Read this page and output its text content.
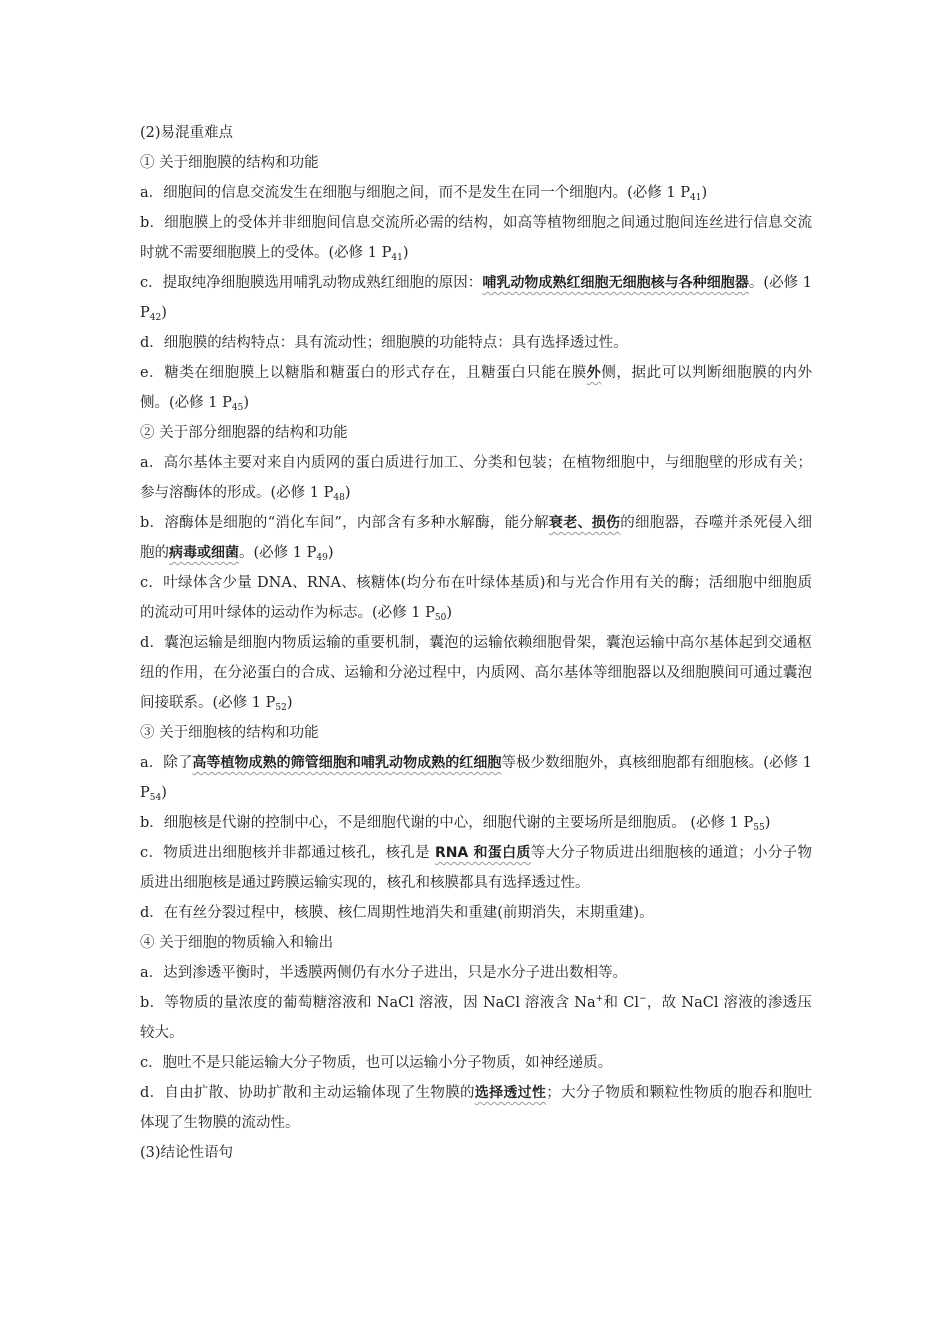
(2)易混重难点

① 关于细胞膜的结构和功能

a．细胞间的信息交流发生在细胞与细胞之间，而不是发生在同一个细胞内。(必修 1 $P_{41}$)

b．细胞膜上的受体并非细胞间信息交流所必需的结构，如高等植物细胞之间通过胞间连丝进行信息交流时就不需要细胞膜上的受体。(必修 1 $P_{41}$)

c．提取纯净细胞膜选用哺乳动物成熟红细胞的原因：哺乳动物成熟红细胞无细胞核与各种细胞器。(必修 1 $P_{42}$)

d．细胞膜的结构特点：具有流动性；细胞膜的功能特点：具有选择透过性。

e．糖类在细胞膜上以糖脂和糖蛋白的形式存在，且糖蛋白只能在膜外侧，据此可以判断细胞膜的内外侧。(必修 1 $P_{45}$)

② 关于部分细胞器的结构和功能

a．高尔基体主要对来自内质网的蛋白质进行加工、分类和包装；在植物细胞中，与细胞壁的形成有关；参与溶酶体的形成。(必修 1 $P_{48}$)

b．溶酶体是细胞的“消化车间”，内部含有多种水解酶，能分解衰老、损伤的细胞器，吞噬并杀死侵入细胞的病毒或细菌。(必修 1 $P_{49}$)

c．叶绿体含少量 DNA、RNA、核糖体(均分布在叶绿体基质)和与光合作用有关的酶；活细胞中细胞质的流动可用叶绿体的运动作为标志。(必修 1 $P_{50}$)

d．囊泡运输是细胞内物质运输的重要机制，囊泡的运输依赖细胞骨架，囊泡运输中高尔基体起到交通枢纽的作用，在分泌蛋白的合成、运输和分泌过程中，内质网、高尔基体等细胞器以及细胞膜间可通过囊泡间接联系。(必修 1 $P_{52}$)

③ 关于细胞核的结构和功能

a．除了高等植物成熟的筛管细胞和哺乳动物成熟的红细胞等极少数细胞外，真核细胞都有细胞核。(必修 1 $P_{54}$)

b．细胞核是代谢的控制中心，不是细胞代谢的中心，细胞代谢的主要场所是细胞质。 (必修 1 $P_{55}$)

c．物质进出细胞核并非都通过核孔，核孔是 RNA 和蛋白质等大分子物质进出细胞核的通道；小分子物质进出细胞核是通过跨膜运输实现的，核孔和核膜都具有选择透过性。

d．在有丝分裂过程中，核膜、核仁周期性地消失和重建(前期消失，末期重建)。

④ 关于细胞的物质输入和输出

a．达到渗透平衡时，半透膜两侧仍有水分子进出，只是水分子进出数相等。

b．等物质的量浓度的葡萄糖溶液和 NaCl 溶液，因 NaCl 溶液含 Na+和 Cl−，故 NaCl 溶液的渗透压较大。

c．胞吐不是只能运输大分子物质，也可以运输小分子物质，如神经递质。

d．自由扩散、协助扩散和主动运输体现了生物膜的选择透过性；大分子物质和颗粒性物质的胞吞和胞吐体现了生物膜的流动性。

(3)结论性语句
